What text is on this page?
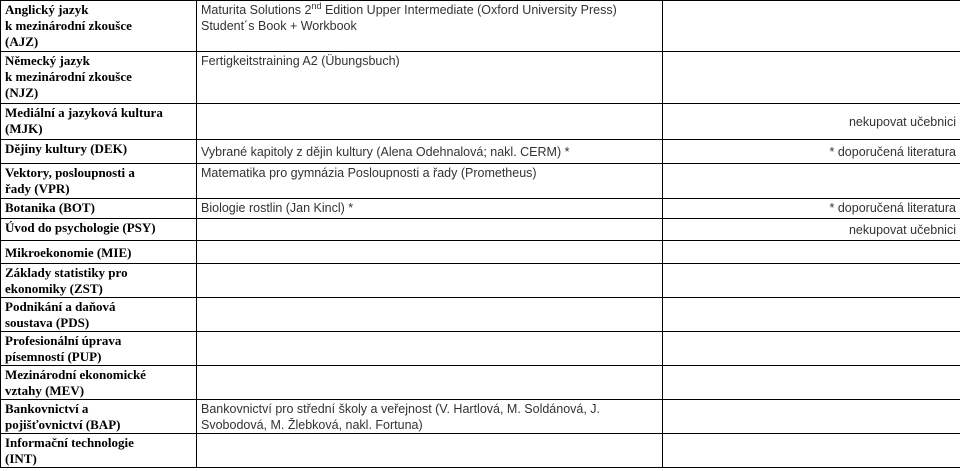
Anglický jazyk
k mezinárodní zkoušce
(AJZ)	Maturita Solutions 2nd Edition Upper Intermediate (Oxford University Press) Student´s Book + Workbook	
Německý jazyk
k mezinárodní zkoušce
(NJZ)	Fertigkeitstraining A2 (Übungsbuch)	
Mediální a jazyková kultura
(MJK)		nekupovat učebnici
Dějiny kultury (DEK)	Vybrané kapitoly z dějin kultury (Alena Odehnalová; nakl. CERM) *	* doporučená literatura
Vektory, posloupnosti a
řady (VPR)	Matematika pro gymnázia Posloupnosti a řady (Prometheus)	
Botanika (BOT)	Biologie rostlin (Jan Kincl) *	* doporučená literatura
Úvod do psychologie (PSY)		nekupovat učebnici
Mikroekonomie (MIE)		
Základy statistiky pro
ekonomiky (ZST)		
Podnikání a daňová
soustava (PDS)		
Profesionální úprava
písemností (PUP)		
Mezinárodní ekonomické
vztahy (MEV)		
Bankovnictví a
pojišťovnictví (BAP)	Bankovnictví pro střední školy a veřejnost (V. Hartlová, M. Soldánová, J. Svobodová, M. Žlebková, nakl. Fortuna)	
Informační technologie
(INT)		
